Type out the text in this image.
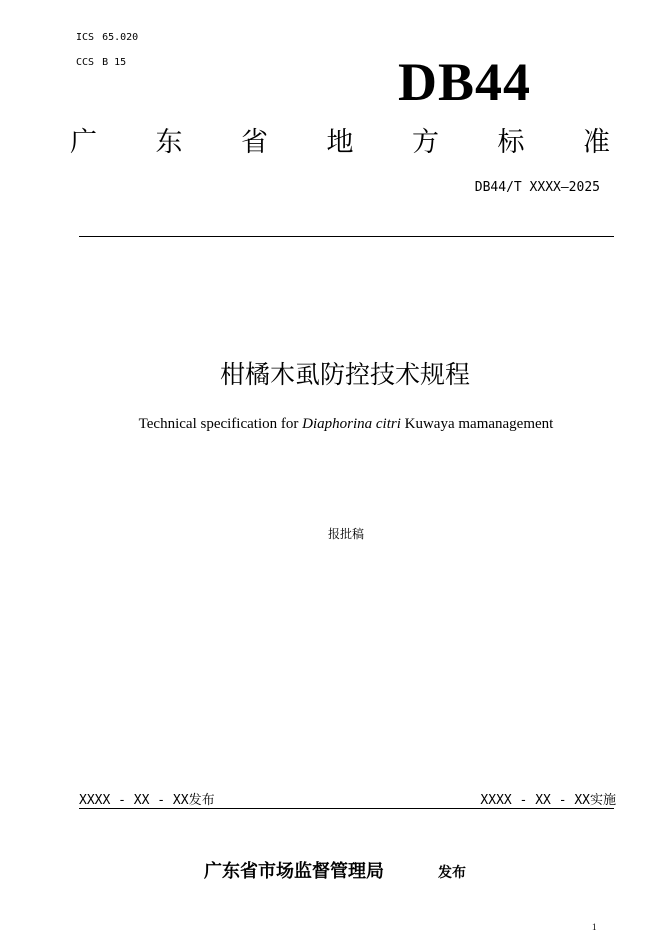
ICS 65.020
CCS B 15	DB44
广 东 省 地 方 标 准
DB44/T XXXX—2025
柑橘木虱防控技术规程
Technical specification for Diaphorina citri Kuwaya mamanagement
报批稿
XXXX - XX - XX发布	XXXX - XX - XX实施
广东省市场监督管理局	发布
1
